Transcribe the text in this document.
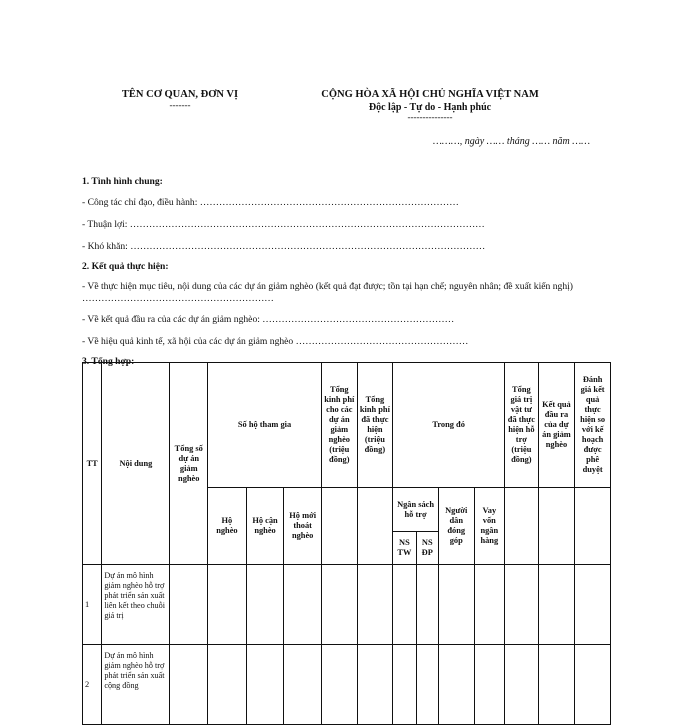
TÊN CƠ QUAN, ĐƠN VỊ
-------
CỘNG HÒA XÃ HỘI CHỦ NGHĨA VIỆT NAM
Độc lập - Tự do - Hạnh phúc
---------------
………, ngày …… tháng …… năm ……

1. Tình hình chung:

- Công tác chỉ đạo, điều hành: ………………………………………………………………………

- Thuận lợi: …………………………………………………………………………………………………

- Khó khăn: …………………………………………………………………………………………………

2. Kết quả thực hiện:

- Về thực hiện mục tiêu, nội dung của các dự án giảm nghèo (kết quả đạt được; tồn tại hạn chế; nguyên nhân; đề xuất kiến nghị) ……………………………………………………

- Về kết quả đầu ra của các dự án giảm nghèo: ……………………………………………………

- Về hiệu quả kinh tế, xã hội của các dự án giảm nghèo ………………………………………………

3. Tổng hợp:

TT	Nội dung	Tổng số dự án giảm nghèo	Số hộ tham gia			Tổng kinh phí cho các dự án giảm nghèo (triệu đồng)	Tổng kinh phí đã thực hiện (triệu đồng)	Trong đó				Tổng giá trị vật tư đã thực hiện hỗ trợ (triệu đồng)	Kết quả đầu ra của dự án giảm nghèo	Đánh giá kết quả thực hiện so với kế hoạch được phê duyệt
			Hộ nghèo	Hộ cận nghèo	Hộ mới thoát nghèo			Ngân sách hỗ trợ		Người dân đóng góp	Vay vốn ngân hàng			
								NS TW	NS ĐP					
1	Dự án mô hình giảm nghèo hỗ trợ phát triển sản xuất liên kết theo chuỗi giá trị													
2	Dự án mô hình giảm nghèo hỗ trợ phát triển sản xuất cộng đồng													
